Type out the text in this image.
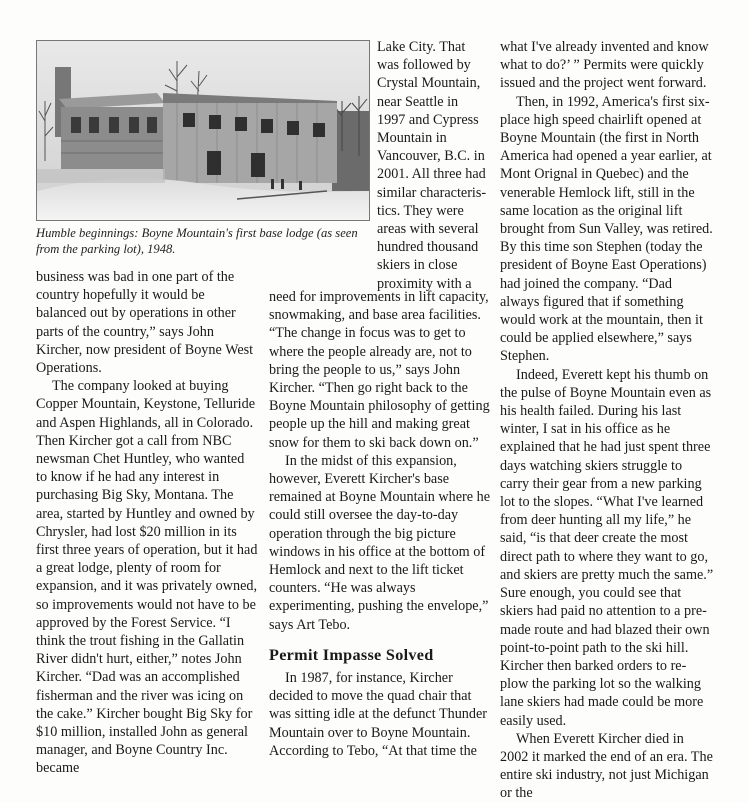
Humble beginnings: Boyne Mountain's first base lodge (as seen from the parking lot), 1948.

business was bad in one part of the country hopefully it would be balanced out by operations in other parts of the country,” says John Kircher, now president of Boyne West Operations.

The company looked at buying Copper Mountain, Keystone, Telluride and Aspen Highlands, all in Colorado. Then Kircher got a call from NBC newsman Chet Huntley, who wanted to know if he had any interest in purchasing Big Sky, Montana. The area, started by Huntley and owned by Chrysler, had lost $20 million in its first three years of operation, but it had a great lodge, plenty of room for expansion, and it was privately owned, so improvements would not have to be approved by the Forest Service. “I think the trout fishing in the Gallatin River didn't hurt, either,” notes John Kircher. “Dad was an accomplished fisherman and the river was icing on the cake.” Kircher bought Big Sky for $10 million, installed John as general manager, and Boyne Country Inc. became

Lake City. That
was followed by
Crystal Mountain,
near Seattle in
1997 and Cypress
Mountain in
Vancouver, B.C. in
2001. All three had
similar characteris-
tics. They were
areas with several
hundred thousand
skiers in close
proximity with a

need for improvements in lift capacity, snowmaking, and base area facilities. “The change in focus was to get to where the people already are, not to bring the people to us,” says John Kircher. “Then go right back to the Boyne Mountain philosophy of getting people up the hill and making great snow for them to ski back down on.”

In the midst of this expansion, however, Everett Kircher's base remained at Boyne Mountain where he could still oversee the day-to-day operation through the big picture windows in his office at the bottom of Hemlock and next to the lift ticket counters. “He was always experimenting, pushing the envelope,” says Art Tebo.

Permit Impasse Solved

In 1987, for instance, Kircher decided to move the quad chair that was sitting idle at the defunct Thunder Mountain over to Boyne Mountain. According to Tebo, “At that time the

what I've already invented and know what to do?’ ” Permits were quickly issued and the project went forward.

Then, in 1992, America's first six-place high speed chairlift opened at Boyne Mountain (the first in North America had opened a year earlier, at Mont Orignal in Quebec) and the venerable Hemlock lift, still in the same location as the original lift brought from Sun Valley, was retired. By this time son Stephen (today the president of Boyne East Operations) had joined the company. “Dad always figured that if something would work at the mountain, then it could be applied elsewhere,” says Stephen.

Indeed, Everett kept his thumb on the pulse of Boyne Mountain even as his health failed. During his last winter, I sat in his office as he explained that he had just spent three days watching skiers struggle to carry their gear from a new parking lot to the slopes. “What I've learned from deer hunting all my life,” he said, “is that deer create the most direct path to where they want to go, and skiers are pretty much the same.” Sure enough, you could see that skiers had paid no attention to a pre-made route and had blazed their own point-to-point path to the ski hill. Kircher then barked orders to re-plow the parking lot so the walking lane skiers had made could be more easily used.

When Everett Kircher died in 2002 it marked the end of an era. The entire ski industry, not just Michigan or the
